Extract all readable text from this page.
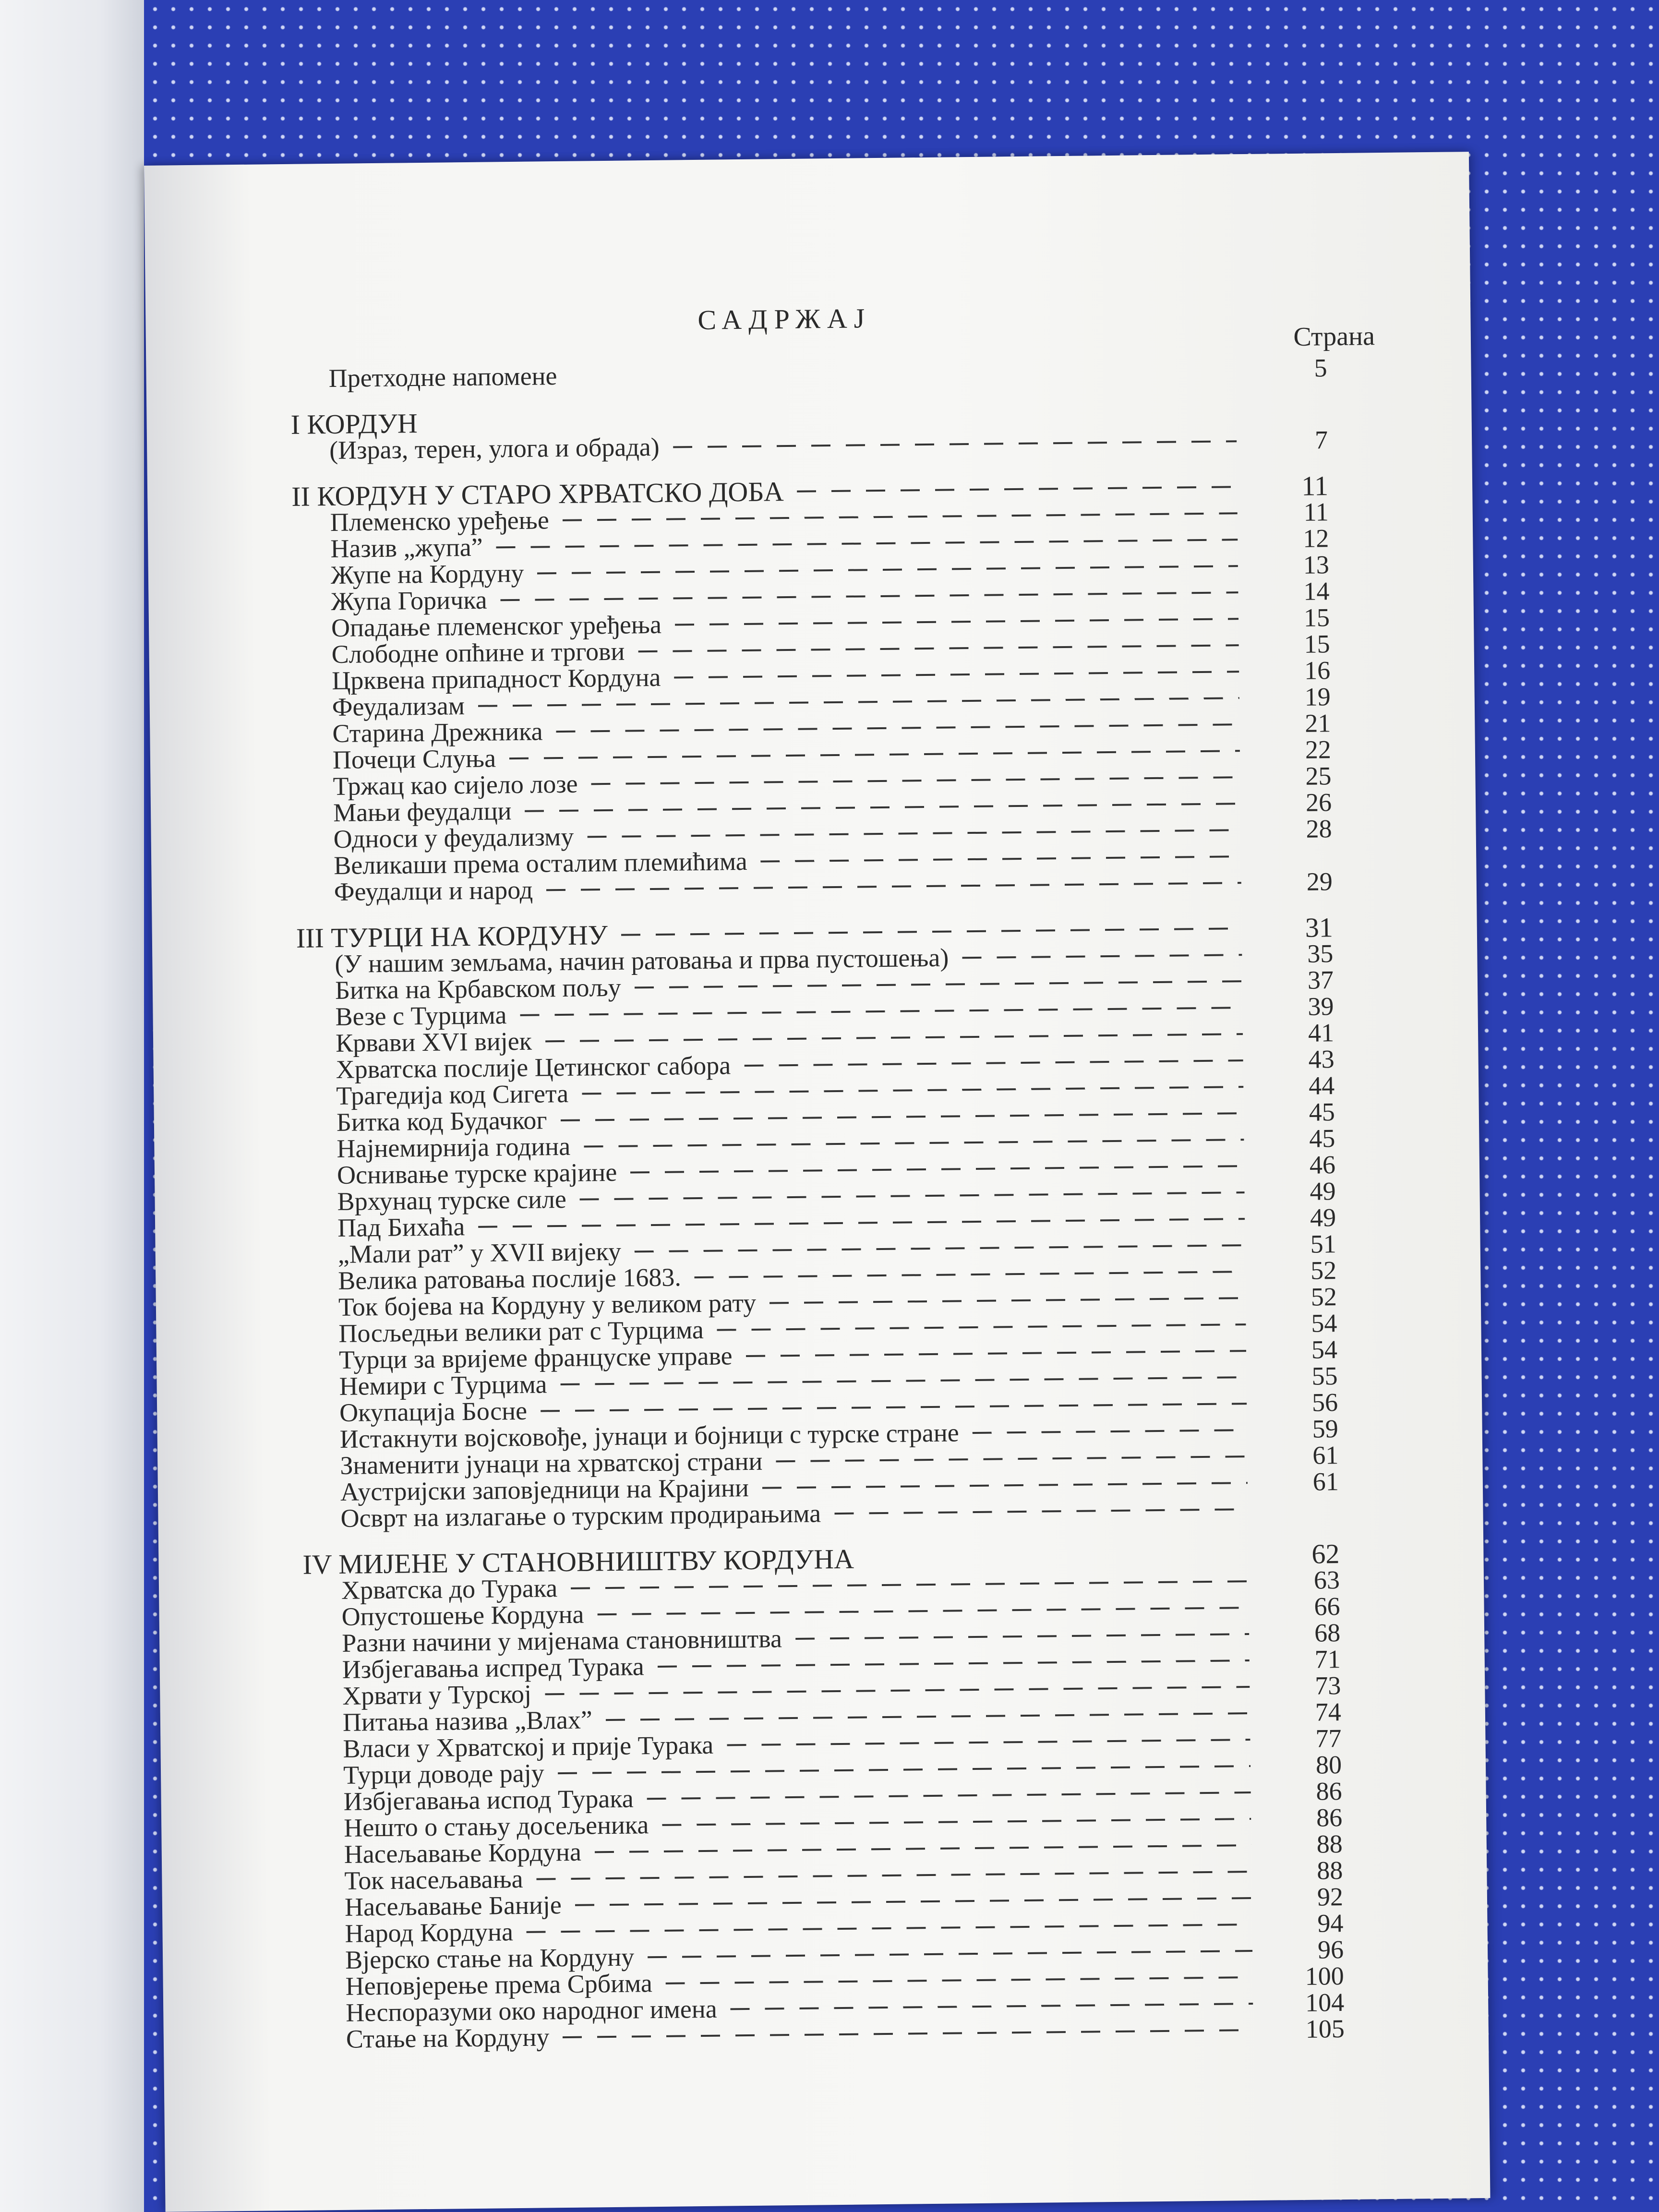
САДРЖАЈ
Страна
Претходне напомене	5
I КОРДУН
(Израз, терен, улога и обрада)	7
II КОРДУН У СТАРО ХРВАТСКО ДОБА	11
Племенско уређење	11
Назив „жупа”	12
Жупе на Кордуну	13
Жупа Горичка	14
Опадање племенског уређења	15
Слободне опћине и тргови	15
Црквена припадност Кордуна	16
Феудализам	19
Старина Дрежника	21
Почеци Слуња	22
Тржац као сијело лозе	25
Мањи феудалци	26
Односи у феудализму	28
Великаши према осталим племићима
Феудалци и народ	29
III ТУРЦИ НА КОРДУНУ	31
(У нашим земљама, начин ратовања и прва пустошења)	35
Битка на Крбавском пољу	37
Везе с Турцима	39
Крвави XVI вијек	41
Хрватска послије Цетинског сабора	43
Трагедија код Сигета	44
Битка код Будачког	45
Најнемирнија година	45
Оснивање турске крајине	46
Врхунац турске силе	49
Пад Бихаћа	49
„Мали рат” у XVII вијеку	51
Велика ратовања послије 1683.	52
Ток бојева на Кордуну у великом рату	52
Посљедњи велики рат с Турцима	54
Турци за вријеме француске управе	54
Немири с Турцима	55
Окупација Босне	56
Истакнути војсковође, јунаци и бојници с турске стране	59
Знаменити јунаци на хрватској страни	61
Аустријски заповједници на Крајини	61
Осврт на излагање о турским продирањима
IV МИЈЕНЕ У СТАНОВНИШТВУ КОРДУНА	62
Хрватска до Турака	63
Опустошење Кордуна	66
Разни начини у мијенама становништва	68
Избјегавања испред Турака	71
Хрвати у Турској	73
Питања назива „Влах”	74
Власи у Хрватској и прије Турака	77
Турци доводе рају	80
Избјегавања испод Турака	86
Нешто о стању досељеника	86
Насељавање Кордуна	88
Ток насељавања	88
Насељавање Баније	92
Народ Кордуна	94
Вјерско стање на Кордуну	96
Неповјерење према Србима	100
Неспоразуми око народног имена	104
Стање на Кордуну	105
